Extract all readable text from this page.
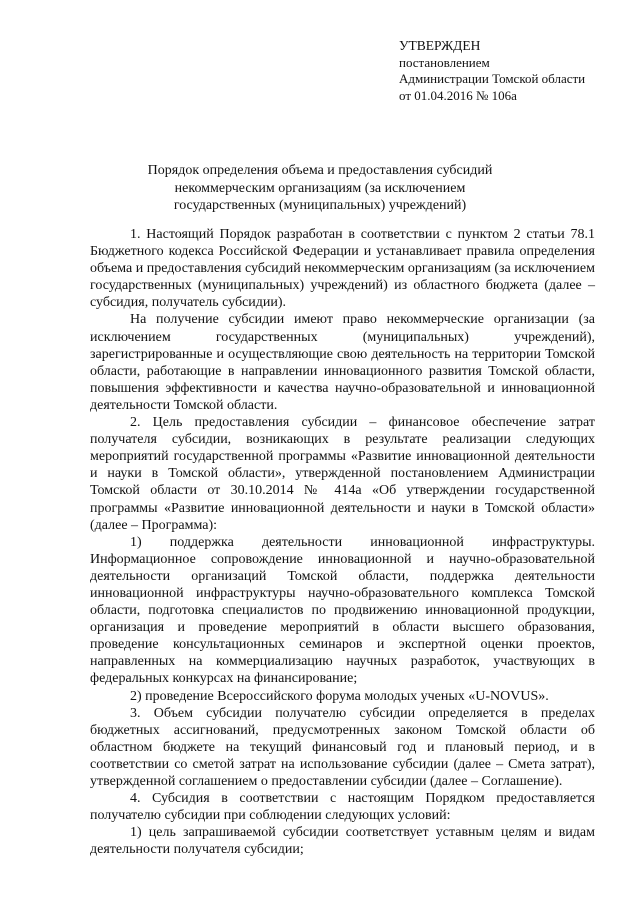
УТВЕРЖДЕН
постановлением
Администрации Томской области
от 01.04.2016 № 106а
Порядок определения объема и предоставления субсидий
некоммерческим организациям (за исключением
государственных (муниципальных) учреждений)

1. Настоящий Порядок разработан в соответствии с пунктом 2 статьи 78.1 Бюджетного кодекса Российской Федерации и устанавливает правила определения объема и предоставления субсидий некоммерческим организациям (за исключением государственных (муниципальных) учреждений) из областного бюджета (далее – субсидия, получатель субсидии).

На получение субсидии имеют право некоммерческие организации (за исключением государственных (муниципальных) учреждений), зарегистрированные и осуществляющие свою деятельность на территории Томской области, работающие в направлении инновационного развития Томской области, повышения эффективности и качества научно-образовательной и инновационной деятельности Томской области.

2. Цель предоставления субсидии – финансовое обеспечение затрат получателя субсидии, возникающих в результате реализации следующих мероприятий государственной программы «Развитие инновационной деятельности и науки в Томской области», утвержденной постановлением Администрации Томской области от 30.10.2014 № 414а «Об утверждении государственной программы «Развитие инновационной деятельности и науки в Томской области» (далее – Программа):

1) поддержка деятельности инновационной инфраструктуры. Информационное сопровождение инновационной и научно-образовательной деятельности организаций Томской области, поддержка деятельности инновационной инфраструктуры научно-образовательного комплекса Томской области, подготовка специалистов по продвижению инновационной продукции, организация и проведение мероприятий в области высшего образования, проведение консультационных семинаров и экспертной оценки проектов, направленных на коммерциализацию научных разработок, участвующих в федеральных конкурсах на финансирование;

2) проведение Всероссийского форума молодых ученых «U-NOVUS».

3. Объем субсидии получателю субсидии определяется в пределах бюджетных ассигнований, предусмотренных законом Томской области об областном бюджете на текущий финансовый год и плановый период, и в соответствии со сметой затрат на использование субсидии (далее – Смета затрат), утвержденной соглашением о предоставлении субсидии (далее – Соглашение).

4. Субсидия в соответствии с настоящим Порядком предоставляется получателю субсидии при соблюдении следующих условий:

1) цель запрашиваемой субсидии соответствует уставным целям и видам деятельности получателя субсидии;
